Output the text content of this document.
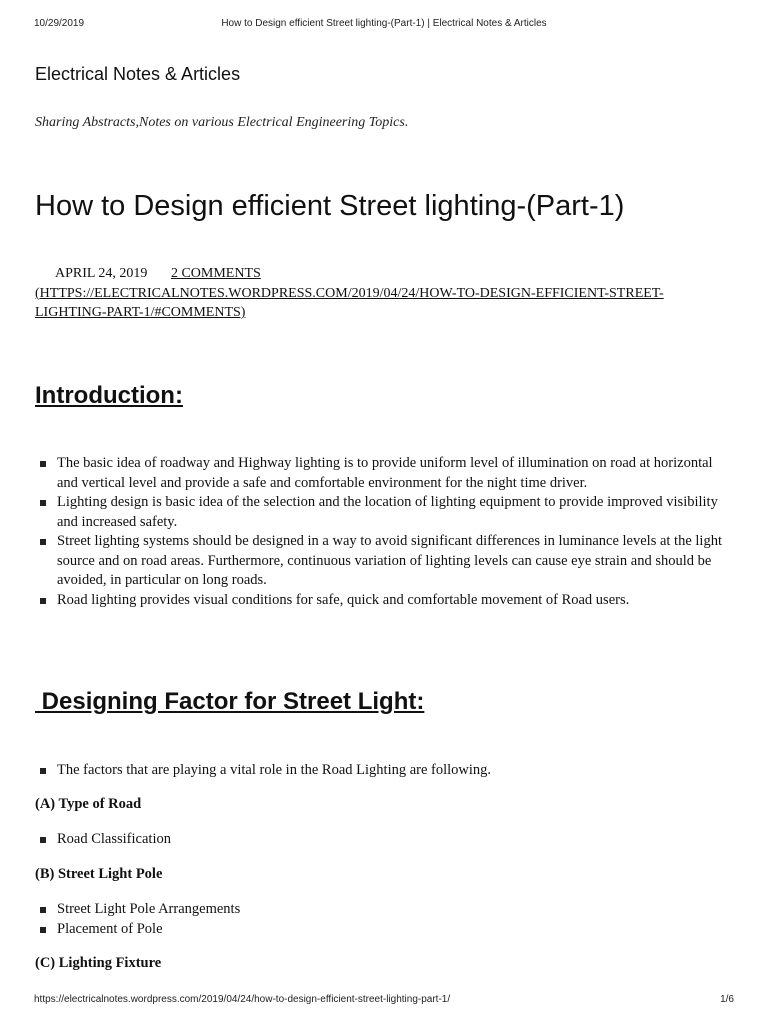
10/29/2019	How to Design efficient Street lighting-(Part-1) | Electrical Notes & Articles
Electrical Notes & Articles

Sharing Abstracts,Notes on various Electrical Engineering Topics.

How to Design efficient Street lighting-(Part-1)
APRIL 24, 2019 2 COMMENTS
(HTTPS://ELECTRICALNOTES.WORDPRESS.COM/2019/04/24/HOW-TO-DESIGN-EFFICIENT-STREET-LIGHTING-PART-1/#COMMENTS)
Introduction:
The basic idea of roadway and Highway lighting is to provide uniform level of illumination on road at horizontal and vertical level and provide a safe and comfortable environment for the night time driver.
Lighting design is basic idea of the selection and the location of lighting equipment to provide improved visibility and increased safety.
Street lighting systems should be designed in a way to avoid significant differences in luminance levels at the light source and on road areas. Furthermore, continuous variation of lighting levels can cause eye strain and should be avoided, in particular on long roads.
Road lighting provides visual conditions for safe, quick and comfortable movement of Road users.
Designing Factor for Street Light:
The factors that are playing a vital role in the Road Lighting are following.

(A) Type of Road

Road Classification

(B) Street Light Pole

Street Light Pole Arrangements
Placement of Pole

(C) Lighting Fixture

https://electricalnotes.wordpress.com/2019/04/24/how-to-design-efficient-street-lighting-part-1/	1/6
